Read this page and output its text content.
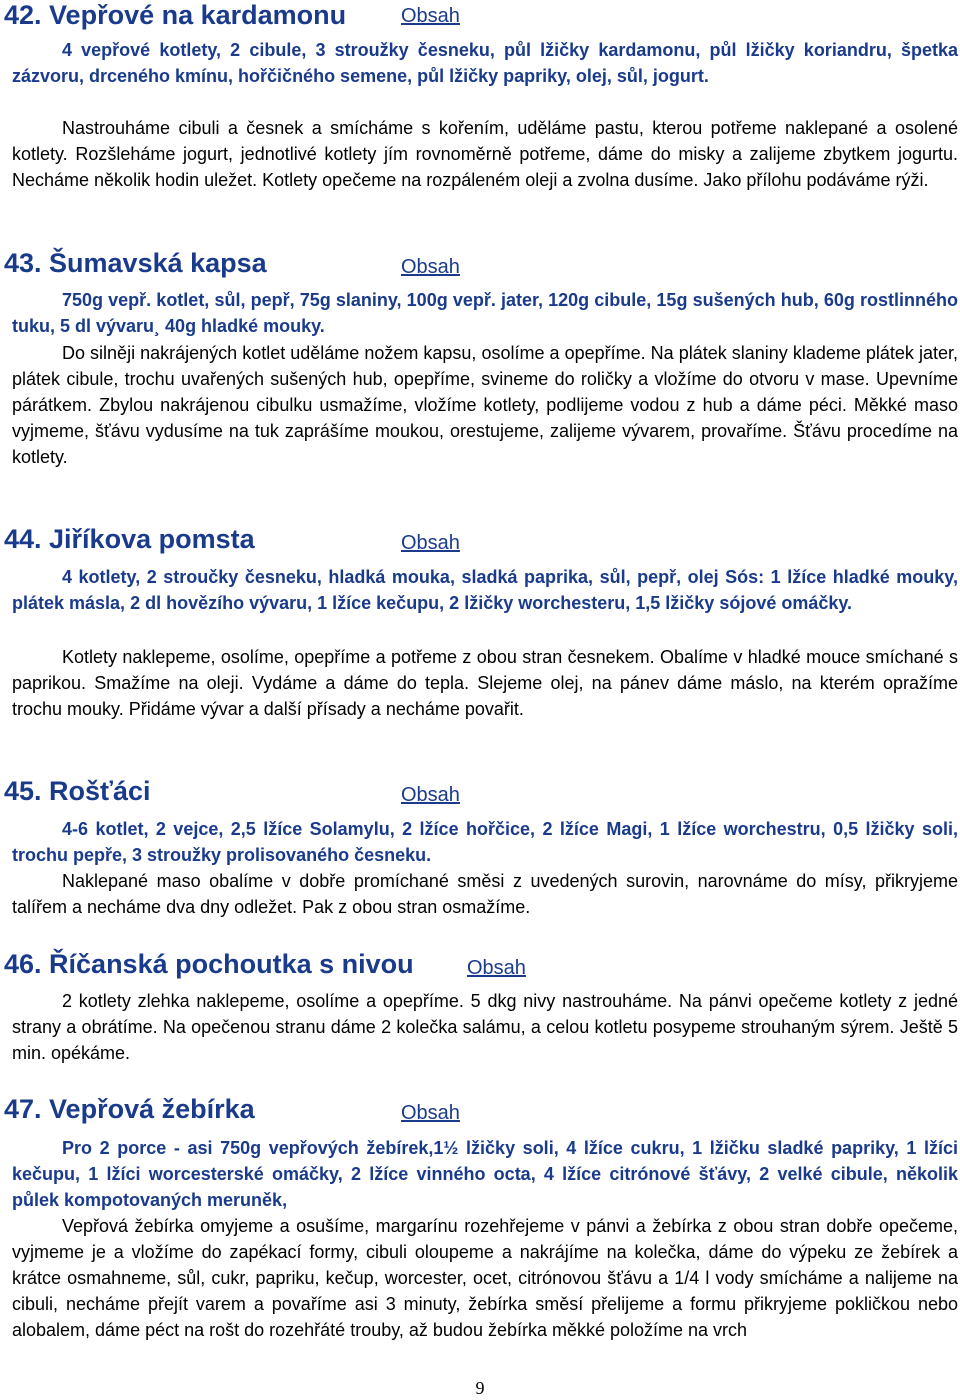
42. Vepřové na kardamonu	Obsah
4 vepřové kotlety, 2 cibule, 3 stroužky česneku, půl lžičky kardamonu, půl lžičky koriandru, špetka zázvoru, drceného kmínu, hořčičného semene, půl lžičky papriky, olej, sůl, jogurt.
Nastrouháme cibuli a česnek a smícháme s kořením, uděláme pastu, kterou potřeme naklepané a osolené kotlety. Rozšleháme jogurt, jednotlivé kotlety jím rovnoměrně potřeme, dáme do misky a zalijeme zbytkem jogurtu. Necháme několik hodin uležet. Kotlety opečeme na rozpáleném oleji a zvolna dusíme. Jako přílohu podáváme rýži.
43. Šumavská kapsa	Obsah
750g vepř. kotlet, sůl, pepř, 75g slaniny, 100g vepř. jater, 120g cibule, 15g sušených hub, 60g rostlinného tuku, 5 dl vývaru¸ 40g hladké mouky.
Do silněji nakrájených kotlet uděláme nožem kapsu, osolíme a opepříme. Na plátek slaniny klademe plátek jater, plátek cibule, trochu uvařených sušených hub, opepříme, svineme do roličky a vložíme do otvoru v mase. Upevníme párátkem. Zbylou nakrájenou cibulku usmažíme, vložíme kotlety, podlijeme vodou z hub a dáme péci. Měkké maso vyjmeme, šťávu vydusíme na tuk zaprášíme moukou, orestujeme, zalijeme vývarem, provaříme. Šťávu procedíme na kotlety.
44. Jiříkova pomsta	Obsah
4 kotlety, 2 stroučky česneku, hladká mouka, sladká paprika, sůl, pepř, olej Sós: 1 lžíce hladké mouky, plátek másla, 2 dl hovězího vývaru, 1 lžíce kečupu, 2 lžičky worchesteru, 1,5 lžičky sójové omáčky.
Kotlety naklepeme, osolíme, opepříme a potřeme z obou stran česnekem. Obalíme v hladké mouce smíchané s paprikou. Smažíme na oleji. Vydáme a dáme do tepla. Slejeme olej, na pánev dáme máslo, na kterém opražíme trochu mouky. Přidáme vývar a další přísady a necháme povařit.
45. Rošťáci	Obsah
4-6 kotlet, 2 vejce, 2,5 lžíce Solamylu, 2 lžíce hořčice, 2 lžíce Magi, 1 lžíce worchestru, 0,5 lžičky soli, trochu pepře, 3 stroužky prolisovaného česneku.
Naklepané maso obalíme v dobře promíchané směsi z uvedených surovin, narovnáme do mísy, přikryjeme talířem a necháme dva dny odležet. Pak z obou stran osmažíme.
46. Říčanská pochoutka s nivou	Obsah
2 kotlety zlehka naklepeme, osolíme a opepříme. 5 dkg nivy nastrouháme. Na pánvi opečeme kotlety z jedné strany a obrátíme. Na opečenou stranu dáme 2 kolečka salámu, a celou kotletu posypeme strouhaným sýrem. Ještě 5 min. opékáme.
47. Vepřová žebírka	Obsah
Pro 2 porce - asi 750g vepřových žebírek,1½ lžičky soli, 4 lžíce cukru, 1 lžičku sladké papriky, 1 lžíci kečupu, 1 lžíci worcesterské omáčky, 2 lžíce vinného octa, 4 lžíce citrónové šťávy, 2 velké cibule, několik půlek kompotovaných meruněk,
Vepřová žebírka omyjeme a osušíme, margarínu rozehřejeme v pánvi a žebírka z obou stran dobře opečeme, vyjmeme je a vložíme do zapékací formy, cibuli oloupeme a nakrájíme na kolečka, dáme do výpeku ze žebírek a krátce osmahneme, sůl, cukr, papriku, kečup, worcester, ocet, citrónovou šťávu a 1/4 l vody smícháme a nalijeme na cibuli, necháme přejít varem a povaříme asi 3 minuty, žebírka směsí přelijeme a formu přikryjeme pokličkou nebo alobalem, dáme péct na rošt do rozehřáté trouby, až budou žebírka měkké položíme na vrch
9
